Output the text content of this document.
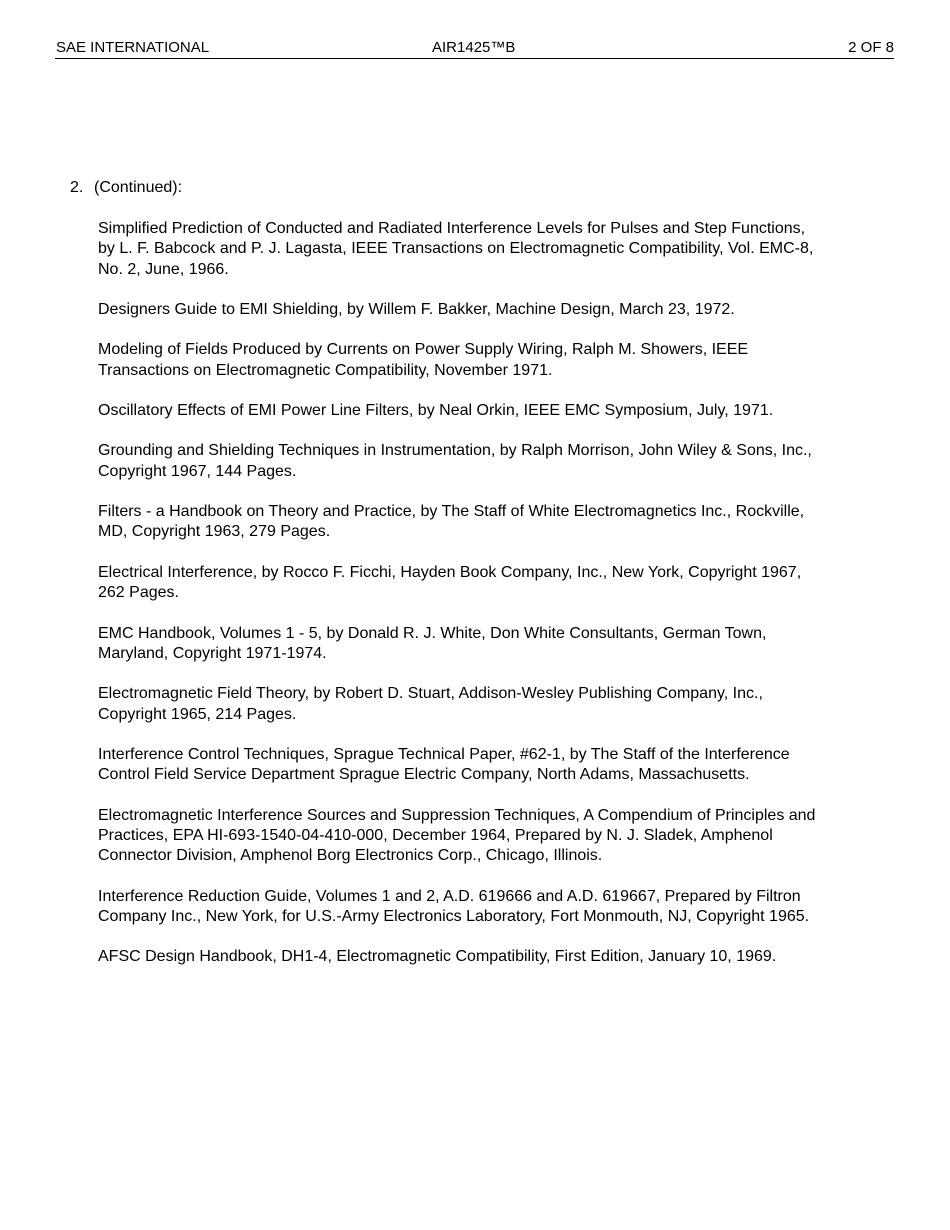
SAE INTERNATIONAL	AIR1425™B	2 OF 8
2. (Continued):

Simplified Prediction of Conducted and Radiated Interference Levels for Pulses and Step Functions,
by L. F. Babcock and P. J. Lagasta, IEEE Transactions on Electromagnetic Compatibility, Vol. EMC-8,
No. 2, June, 1966.

Designers Guide to EMI Shielding, by Willem F. Bakker, Machine Design, March 23, 1972.

Modeling of Fields Produced by Currents on Power Supply Wiring, Ralph M. Showers, IEEE
Transactions on Electromagnetic Compatibility, November 1971.

Oscillatory Effects of EMI Power Line Filters, by Neal Orkin, IEEE EMC Symposium, July, 1971.

Grounding and Shielding Techniques in Instrumentation, by Ralph Morrison, John Wiley & Sons, Inc.,
Copyright 1967, 144 Pages.

Filters - a Handbook on Theory and Practice, by The Staff of White Electromagnetics Inc., Rockville,
MD, Copyright 1963, 279 Pages.

Electrical Interference, by Rocco F. Ficchi, Hayden Book Company, Inc., New York, Copyright 1967,
262 Pages.

EMC Handbook, Volumes 1 - 5, by Donald R. J. White, Don White Consultants, German Town,
Maryland, Copyright 1971-1974.

Electromagnetic Field Theory, by Robert D. Stuart, Addison-Wesley Publishing Company, Inc.,
Copyright 1965, 214 Pages.

Interference Control Techniques, Sprague Technical Paper, #62-1, by The Staff of the Interference
Control Field Service Department Sprague Electric Company, North Adams, Massachusetts.

Electromagnetic Interference Sources and Suppression Techniques, A Compendium of Principles and
Practices, EPA HI-693-1540-04-410-000, December 1964, Prepared by N. J. Sladek, Amphenol
Connector Division, Amphenol Borg Electronics Corp., Chicago, Illinois.

Interference Reduction Guide, Volumes 1 and 2, A.D. 619666 and A.D. 619667, Prepared by Filtron
Company Inc., New York, for U.S.-Army Electronics Laboratory, Fort Monmouth, NJ, Copyright 1965.

AFSC Design Handbook, DH1-4, Electromagnetic Compatibility, First Edition, January 10, 1969.
